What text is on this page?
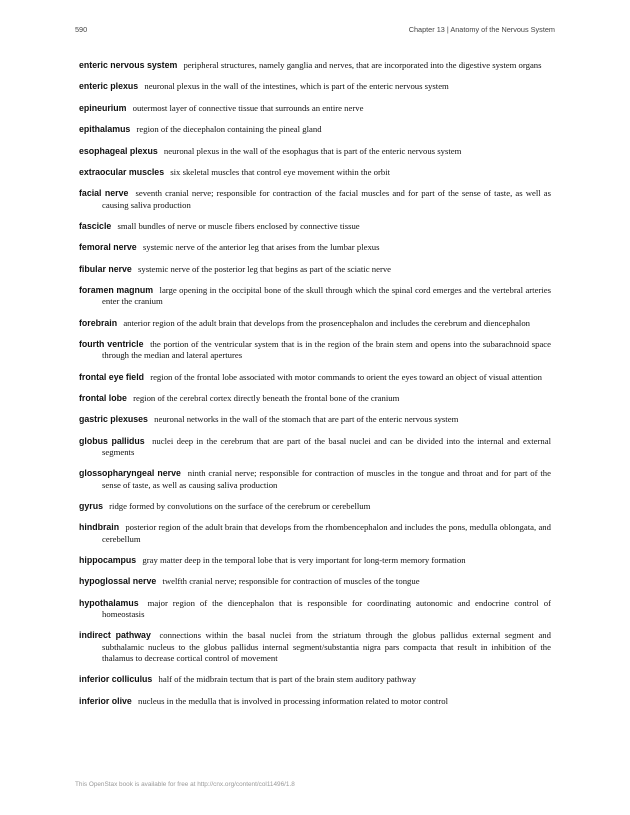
590	Chapter 13 | Anatomy of the Nervous System

enteric nervous system peripheral structures, namely ganglia and nerves, that are incorporated into the digestive system organs

enteric plexus neuronal plexus in the wall of the intestines, which is part of the enteric nervous system

epineurium outermost layer of connective tissue that surrounds an entire nerve

epithalamus region of the diecephalon containing the pineal gland

esophageal plexus neuronal plexus in the wall of the esophagus that is part of the enteric nervous system

extraocular muscles six skeletal muscles that control eye movement within the orbit

facial nerve seventh cranial nerve; responsible for contraction of the facial muscles and for part of the sense of taste, as well as causing saliva production

fascicle small bundles of nerve or muscle fibers enclosed by connective tissue

femoral nerve systemic nerve of the anterior leg that arises from the lumbar plexus

fibular nerve systemic nerve of the posterior leg that begins as part of the sciatic nerve

foramen magnum large opening in the occipital bone of the skull through which the spinal cord emerges and the vertebral arteries enter the cranium

forebrain anterior region of the adult brain that develops from the prosencephalon and includes the cerebrum and diencephalon

fourth ventricle the portion of the ventricular system that is in the region of the brain stem and opens into the subarachnoid space through the median and lateral apertures

frontal eye field region of the frontal lobe associated with motor commands to orient the eyes toward an object of visual attention

frontal lobe region of the cerebral cortex directly beneath the frontal bone of the cranium

gastric plexuses neuronal networks in the wall of the stomach that are part of the enteric nervous system

globus pallidus nuclei deep in the cerebrum that are part of the basal nuclei and can be divided into the internal and external segments

glossopharyngeal nerve ninth cranial nerve; responsible for contraction of muscles in the tongue and throat and for part of the sense of taste, as well as causing saliva production

gyrus ridge formed by convolutions on the surface of the cerebrum or cerebellum

hindbrain posterior region of the adult brain that develops from the rhombencephalon and includes the pons, medulla oblongata, and cerebellum

hippocampus gray matter deep in the temporal lobe that is very important for long-term memory formation

hypoglossal nerve twelfth cranial nerve; responsible for contraction of muscles of the tongue

hypothalamus major region of the diencephalon that is responsible for coordinating autonomic and endocrine control of homeostasis

indirect pathway connections within the basal nuclei from the striatum through the globus pallidus external segment and subthalamic nucleus to the globus pallidus internal segment/substantia nigra pars compacta that result in inhibition of the thalamus to decrease cortical control of movement

inferior colliculus half of the midbrain tectum that is part of the brain stem auditory pathway

inferior olive nucleus in the medulla that is involved in processing information related to motor control

This OpenStax book is available for free at http://cnx.org/content/col11496/1.8
